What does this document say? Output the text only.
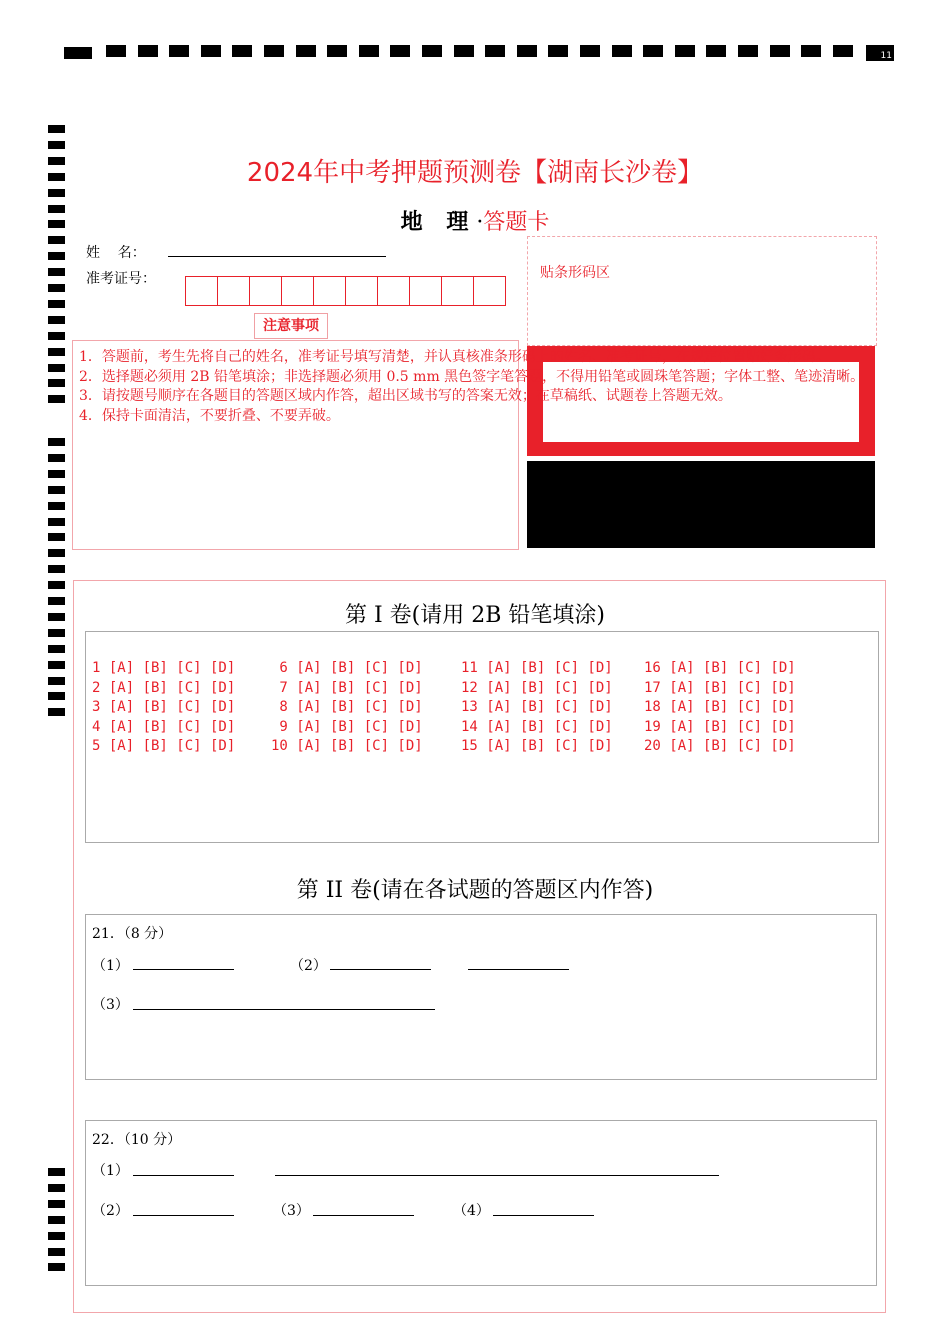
11
2024年中考押题预测卷【湖南长沙卷】
地 理·答题卡
姓    名：
准考证号：	贴条形码区
注意事项
1．答题前，考生先将自己的姓名，准考证号填写清楚，并认真核准条形码上的姓名、准考证号，在规定位置贴好条形码。
2．选择题必须用 2B 铅笔填涂；非选择题必须用 0.5 mm 黑色签字笔答题，不得用铅笔或圆珠笔答题；字体工整、笔迹清晰。
3．请按题号顺序在各题目的答题区域内作答，超出区域书写的答案无效；在草稿纸、试题卷上答题无效。
4．保持卡面清洁，不要折叠、不要弄破。
第 I 卷(请用 2B 铅笔填涂)
1 [A] [B] [C] [D]
2 [A] [B] [C] [D]
3 [A] [B] [C] [D]
4 [A] [B] [C] [D]
5 [A] [B] [C] [D]
6 [A] [B] [C] [D]
7 [A] [B] [C] [D]
8 [A] [B] [C] [D]
9 [A] [B] [C] [D]
10 [A] [B] [C] [D]
11 [A] [B] [C] [D]
12 [A] [B] [C] [D]
13 [A] [B] [C] [D]
14 [A] [B] [C] [D]
15 [A] [B] [C] [D]
16 [A] [B] [C] [D]
17 [A] [B] [C] [D]
18 [A] [B] [C] [D]
19 [A] [B] [C] [D]
20 [A] [B] [C] [D]
第 II 卷(请在各试题的答题区内作答)
21．（8 分）
（1）	（2）
（3）
22．（10 分）
（1）
（2）	（3）	（4）
